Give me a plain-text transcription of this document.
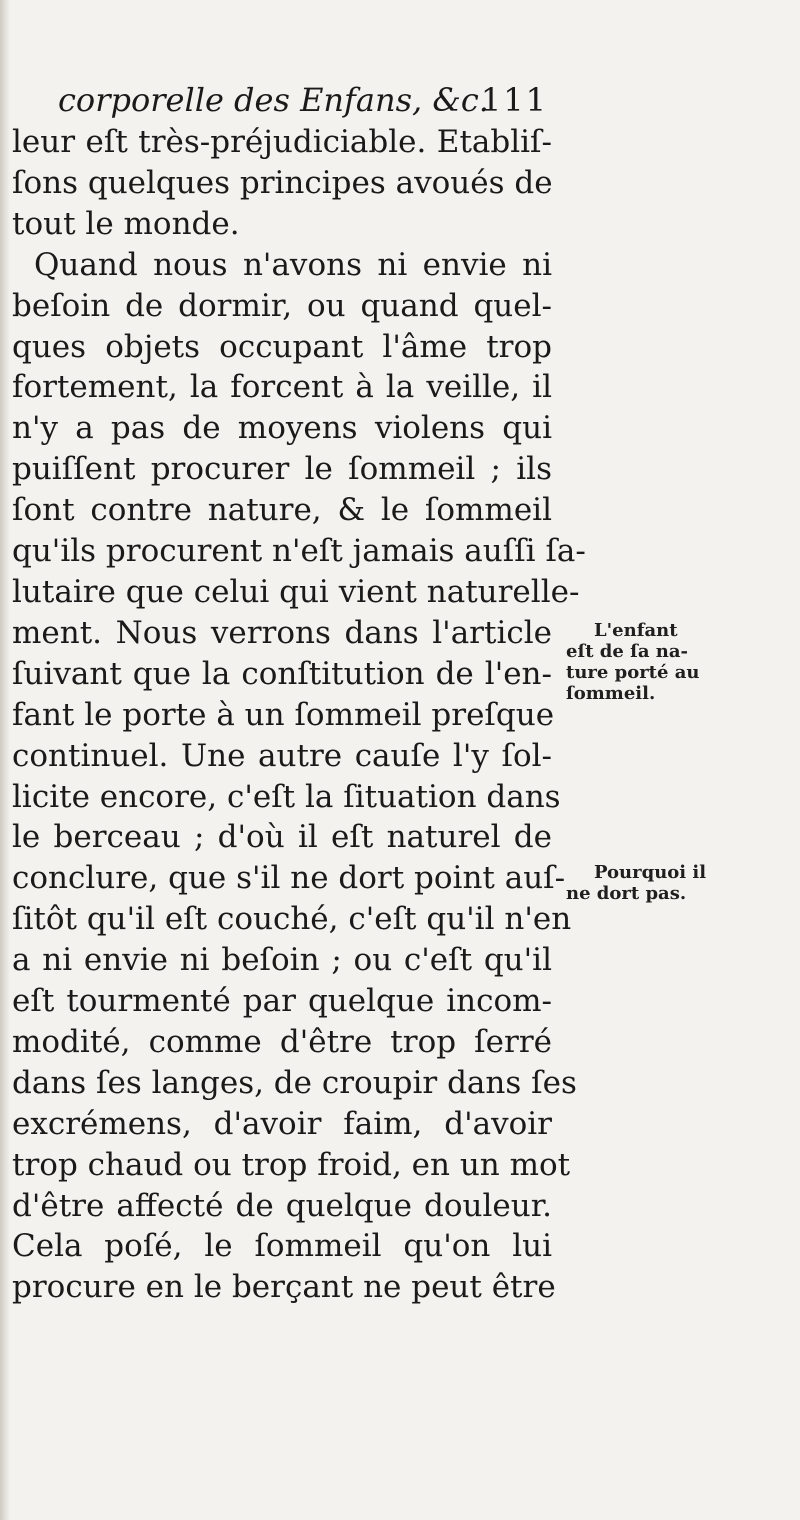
corporelle des Enfans, &c.
111
leur eſt très-préjudiciable. Etabliſ-
ſons quelques principes avoués de
tout le monde.
Quand nous n'avons ni envie ni
beſoin de dormir, ou quand quel-
ques objets occupant l'âme trop
fortement, la forcent à la veille, il
n'y a pas de moyens violens qui
puiſſent procurer le ſommeil ; ils
ſont contre nature, & le ſommeil
qu'ils procurent n'eſt jamais auſſi ſa-
lutaire que celui qui vient naturelle-
ment. Nous verrons dans l'article
ſuivant que la conſtitution de l'en-
fant le porte à un ſommeil preſque
continuel. Une autre cauſe l'y ſol-
licite encore, c'eſt la ſituation dans
le berceau ; d'où il eſt naturel de
conclure, que s'il ne dort point auſ-
ſitôt qu'il eſt couché, c'eſt qu'il n'en
a ni envie ni beſoin ; ou c'eſt qu'il
eſt tourmenté par quelque incom-
modité, comme d'être trop ſerré
dans ſes langes, de croupir dans ſes
excrémens, d'avoir faim, d'avoir
trop chaud ou trop froid, en un mot
d'être affecté de quelque douleur.
Cela poſé, le ſommeil qu'on lui
procure en le berçant ne peut être
L'enfant
eſt de ſa na-
ture porté au
ſommeil.
Pourquoi il
ne dort pas.
